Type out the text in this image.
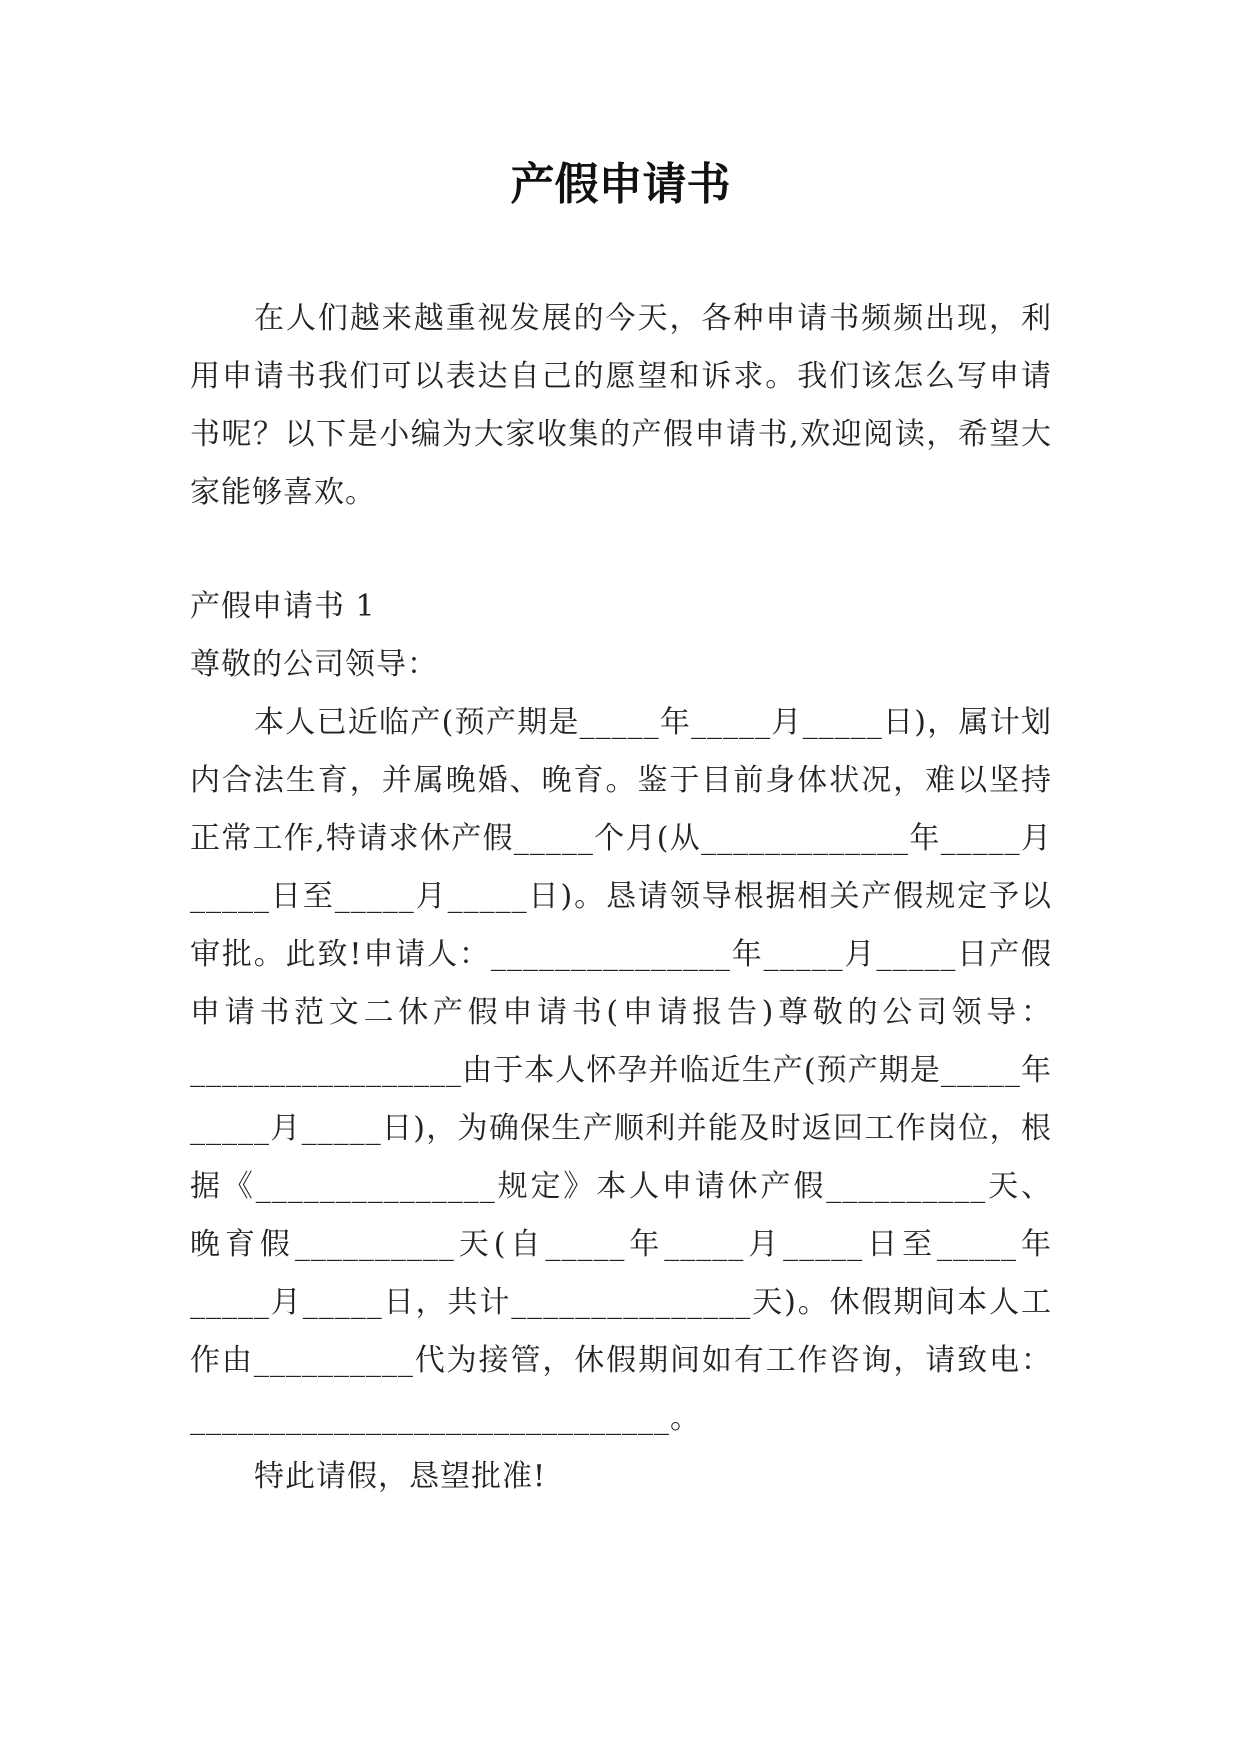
产假申请书

在人们越来越重视发展的今天，各种申请书频频出现，利用申请书我们可以表达自己的愿望和诉求。我们该怎么写申请书呢？以下是小编为大家收集的产假申请书,欢迎阅读，希望大家能够喜欢。

产假申请书 1

尊敬的公司领导：

本人已近临产(预产期是_____年_____月_____日)，属计划内合法生育，并属晚婚、晚育。鉴于目前身体状况，难以坚持正常工作,特请求休产假_____个月(从_____________年_____月_____日至_____月_____日)。恳请领导根据相关产假规定予以审批。此致!申请人：_______________年_____月_____日产假申请书范文二休产假申请书(申请报告)尊敬的公司领导：_________________由于本人怀孕并临近生产(预产期是_____年_____月_____日)，为确保生产顺利并能及时返回工作岗位，根据《_______________规定》本人申请休产假__________天、晚育假__________天(自_____年_____月_____日至_____年_____月_____日，共计_______________天)。休假期间本人工作由__________代为接管，休假期间如有工作咨询，请致电：______________________________。

特此请假，恳望批准!
